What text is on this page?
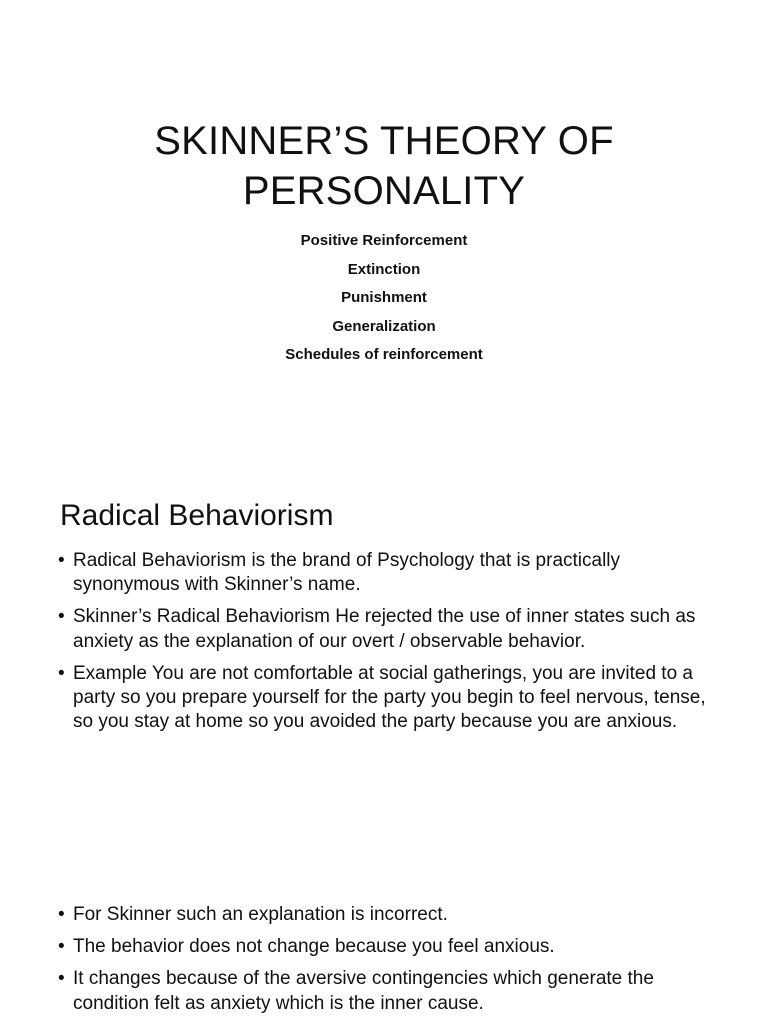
SKINNER’S THEORY OF
PERSONALITY
Positive Reinforcement
Extinction
Punishment
Generalization
Schedules of reinforcement
Radical Behaviorism
• Radical Behaviorism is the brand of Psychology that is practically synonymous with Skinner’s name.
• Skinner’s Radical Behaviorism He rejected the use of inner states such as anxiety as the explanation of our overt / observable behavior.
• Example You are not comfortable at social gatherings, you are invited to a party so you prepare yourself for the party you begin to feel nervous, tense, so you stay at home so you avoided the party because you are anxious.
• For Skinner such an explanation is incorrect.
• The behavior does not change because you feel anxious.
• It changes because of the aversive contingencies which generate the condition felt as anxiety which is the inner cause.
